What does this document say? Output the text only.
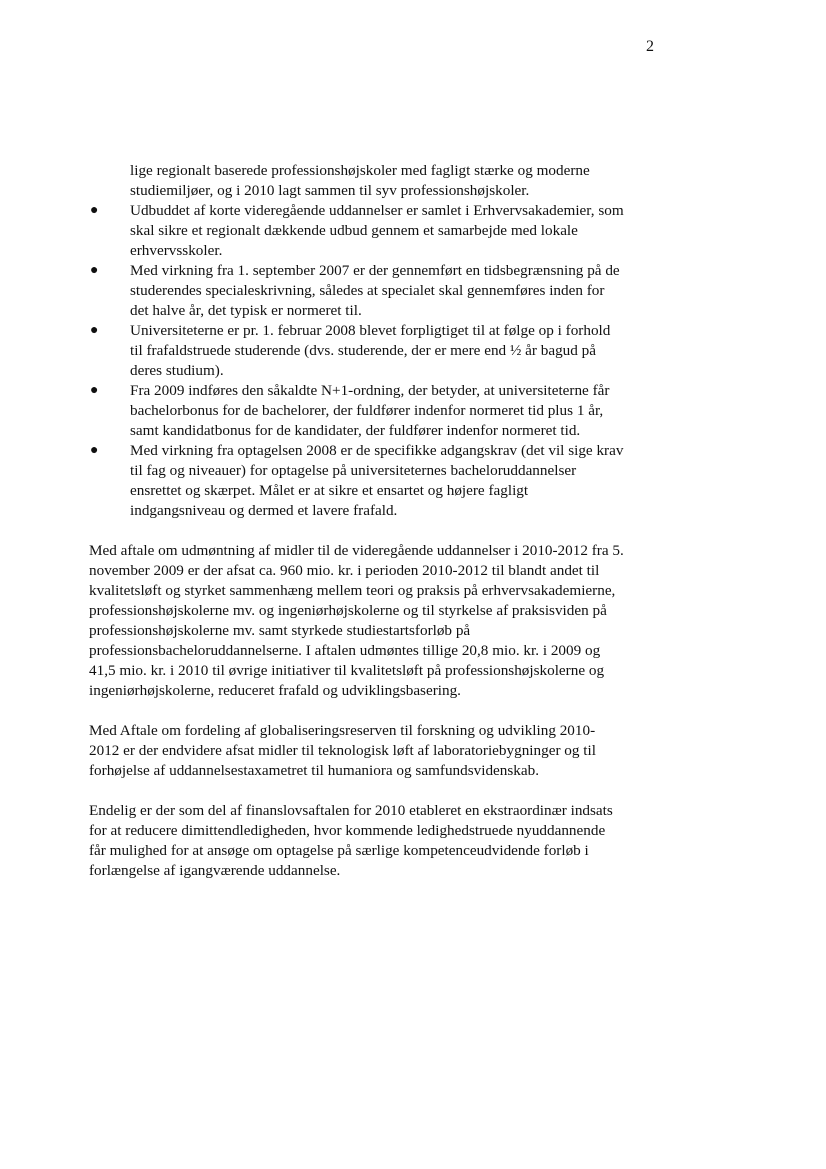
2

lige regionalt baserede professionshøjskoler med fagligt stærke og moderne studiemiljøer, og i 2010 lagt sammen til syv professionshøjskoler.

● Udbuddet af korte videregående uddannelser er samlet i Erhvervsakademier, som skal sikre et regionalt dækkende udbud gennem et samarbejde med lokale erhvervsskoler.
● Med virkning fra 1. september 2007 er der gennemført en tidsbegrænsning på de studerendes specialeskrivning, således at specialet skal gennemføres inden for det halve år, det typisk er normeret til.
● Universiteterne er pr. 1. februar 2008 blevet forpligtiget til at følge op i forhold til frafaldstruede studerende (dvs. studerende, der er mere end ½ år bagud på deres studium).
● Fra 2009 indføres den såkaldte N+1-ordning, der betyder, at universiteterne får bachelorbonus for de bachelorer, der fuldfører indenfor normeret tid plus 1 år, samt kandidatbonus for de kandidater, der fuldfører indenfor normeret tid.
● Med virkning fra optagelsen 2008 er de specifikke adgangskrav (det vil sige krav til fag og niveauer) for optagelse på universiteternes bacheloruddannelser ensrettet og skærpet. Målet er at sikre et ensartet og højere fagligt indgangsniveau og dermed et lavere frafald.

Med aftale om udmøntning af midler til de videregående uddannelser i 2010-2012 fra 5. november 2009 er der afsat ca. 960 mio. kr. i perioden 2010-2012 til blandt andet til kvalitetsløft og styrket sammenhæng mellem teori og praksis på erhvervsakademierne, professionshøjskolerne mv. og ingeniørhøjskolerne og til styrkelse af praksisviden på professionshøjskolerne mv. samt styrkede studiestartsforløb på professionsbacheloruddannelserne. I aftalen udmøntes tillige 20,8 mio. kr. i 2009 og 41,5 mio. kr. i 2010 til øvrige initiativer til kvalitetsløft på professionshøjskolerne og ingeniørhøjskolerne, reduceret frafald og udviklingsbasering.

Med Aftale om fordeling af globaliseringsreserven til forskning og udvikling 2010-2012 er der endvidere afsat midler til teknologisk løft af laboratoriebygninger og til forhøjelse af uddannelsestaxametret til humaniora og samfundsvidenskab.

Endelig er der som del af finanslovsaftalen for 2010 etableret en ekstraordinær indsats for at reducere dimittendledigheden, hvor kommende ledighedstruede nyuddannende får mulighed for at ansøge om optagelse på særlige kompetenceudvidende forløb i forlængelse af igangværende uddannelse.
